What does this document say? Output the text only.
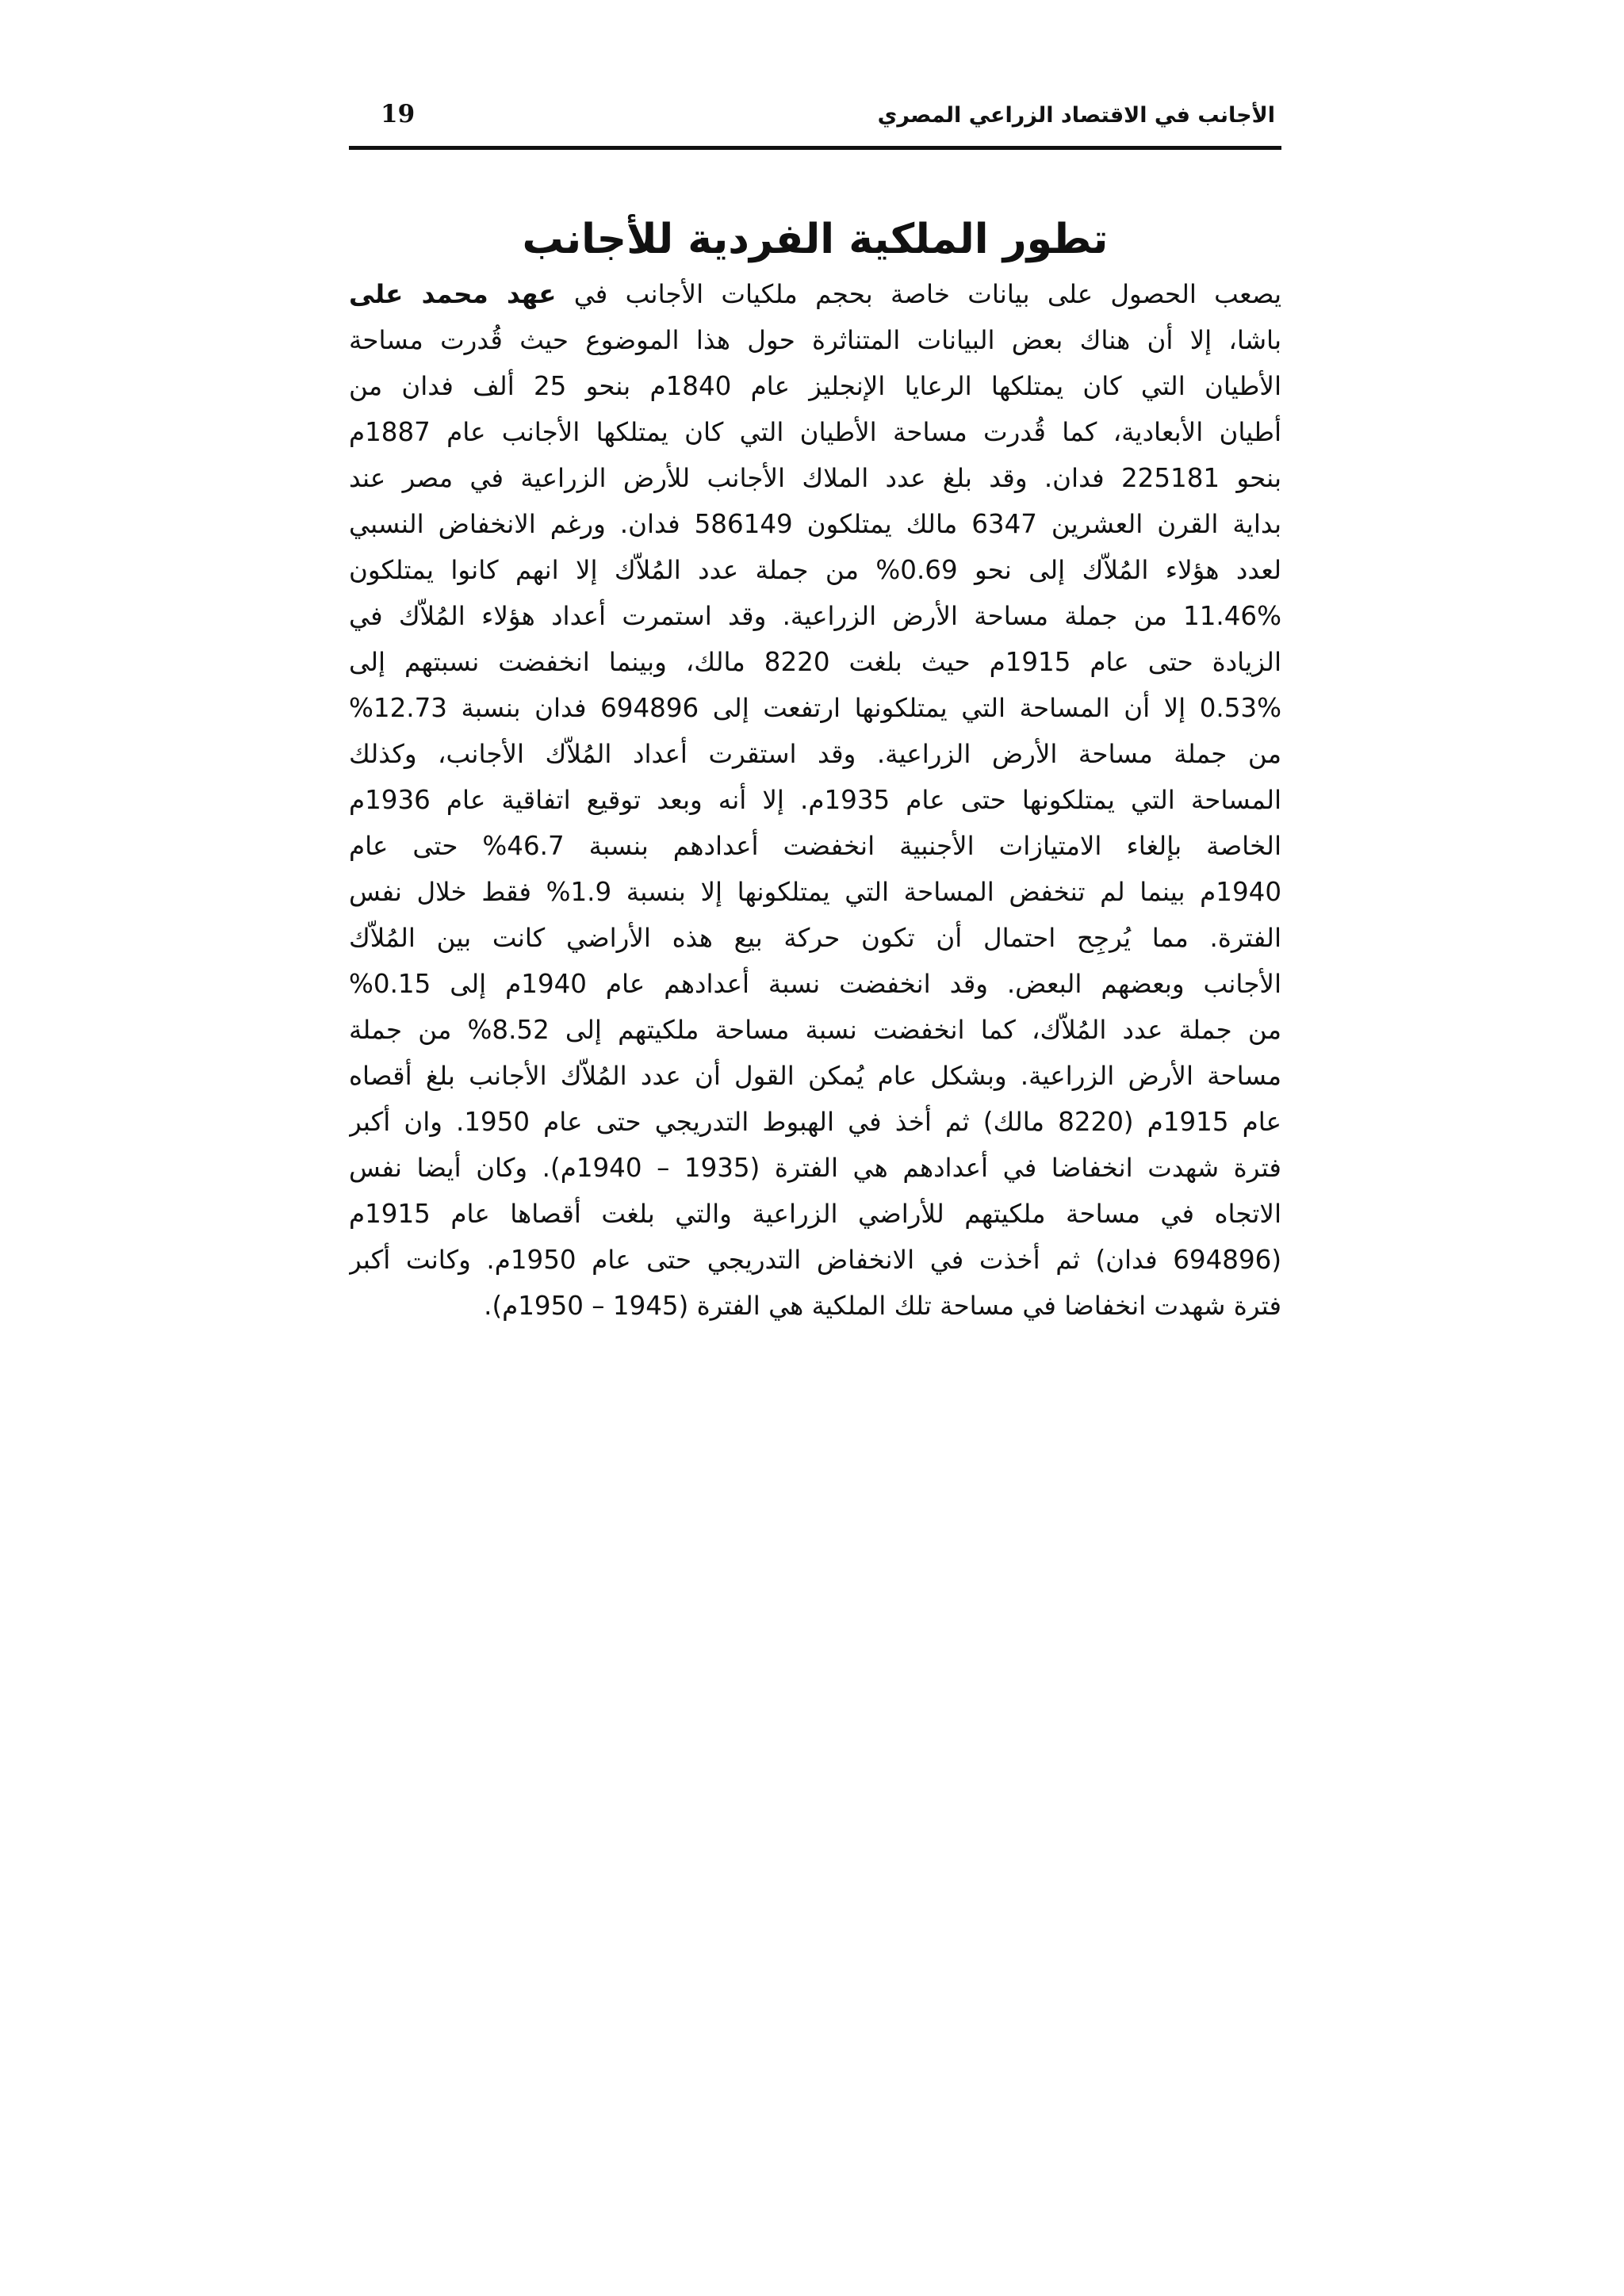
الأجانب في الاقتصاد الزراعي المصري
19
تطور الملكية الفردية للأجانب
يصعب الحصول على بيانات خاصة بحجم ملكيات الأجانب في عهد محمد على
باشا، إلا أن هناك بعض البيانات المتناثرة حول هذا الموضوع حيث قُدرت مساحة
الأطيان التي كان يمتلكها الرعايا الإنجليز عام 1840م بنحو 25 ألف فدان من
أطيان الأبعادية، كما قُدرت مساحة الأطيان التي كان يمتلكها الأجانب عام 1887م
بنحو 225181 فدان. وقد بلغ عدد الملاك الأجانب للأرض الزراعية في مصر عند
بداية القرن العشرين 6347 مالك يمتلكون 586149 فدان. ورغم الانخفاض النسبي
لعدد هؤلاء المُلاّك إلى نحو 0.69% من جملة عدد المُلاّك إلا انهم كانوا يمتلكون
11.46% من جملة مساحة الأرض الزراعية. وقد استمرت أعداد هؤلاء المُلاّك في
الزيادة حتى عام 1915م حيث بلغت 8220 مالك، وبينما انخفضت نسبتهم إلى
0.53% إلا أن المساحة التي يمتلكونها ارتفعت إلى 694896 فدان بنسبة 12.73%
من جملة مساحة الأرض الزراعية. وقد استقرت أعداد المُلاّك الأجانب، وكذلك
المساحة التي يمتلكونها حتى عام 1935م. إلا أنه وبعد توقيع اتفاقية عام 1936م
الخاصة بإلغاء الامتيازات الأجنبية انخفضت أعدادهم بنسبة 46.7% حتى عام
1940م بينما لم تنخفض المساحة التي يمتلكونها إلا بنسبة 1.9% فقط خلال نفس
الفترة. مما يُرجِح احتمال أن تكون حركة بيع هذه الأراضي كانت بين المُلاّك
الأجانب وبعضهم البعض. وقد انخفضت نسبة أعدادهم عام 1940م إلى 0.15%
من جملة عدد المُلاّك، كما انخفضت نسبة مساحة ملكيتهم إلى 8.52% من جملة
مساحة الأرض الزراعية. وبشكل عام يُمكن القول أن عدد المُلاّك الأجانب بلغ أقصاه
عام 1915م (8220 مالك) ثم أخذ في الهبوط التدريجي حتى عام 1950. وان أكبر
فترة شهدت انخفاضا في أعدادهم هي الفترة (1935 – 1940م). وكان أيضا نفس
الاتجاه في مساحة ملكيتهم للأراضي الزراعية والتي بلغت أقصاها عام 1915م
(694896 فدان) ثم أخذت في الانخفاض التدريجي حتى عام 1950م. وكانت أكبر
فترة شهدت انخفاضا في مساحة تلك الملكية هي الفترة (1945 – 1950م).
